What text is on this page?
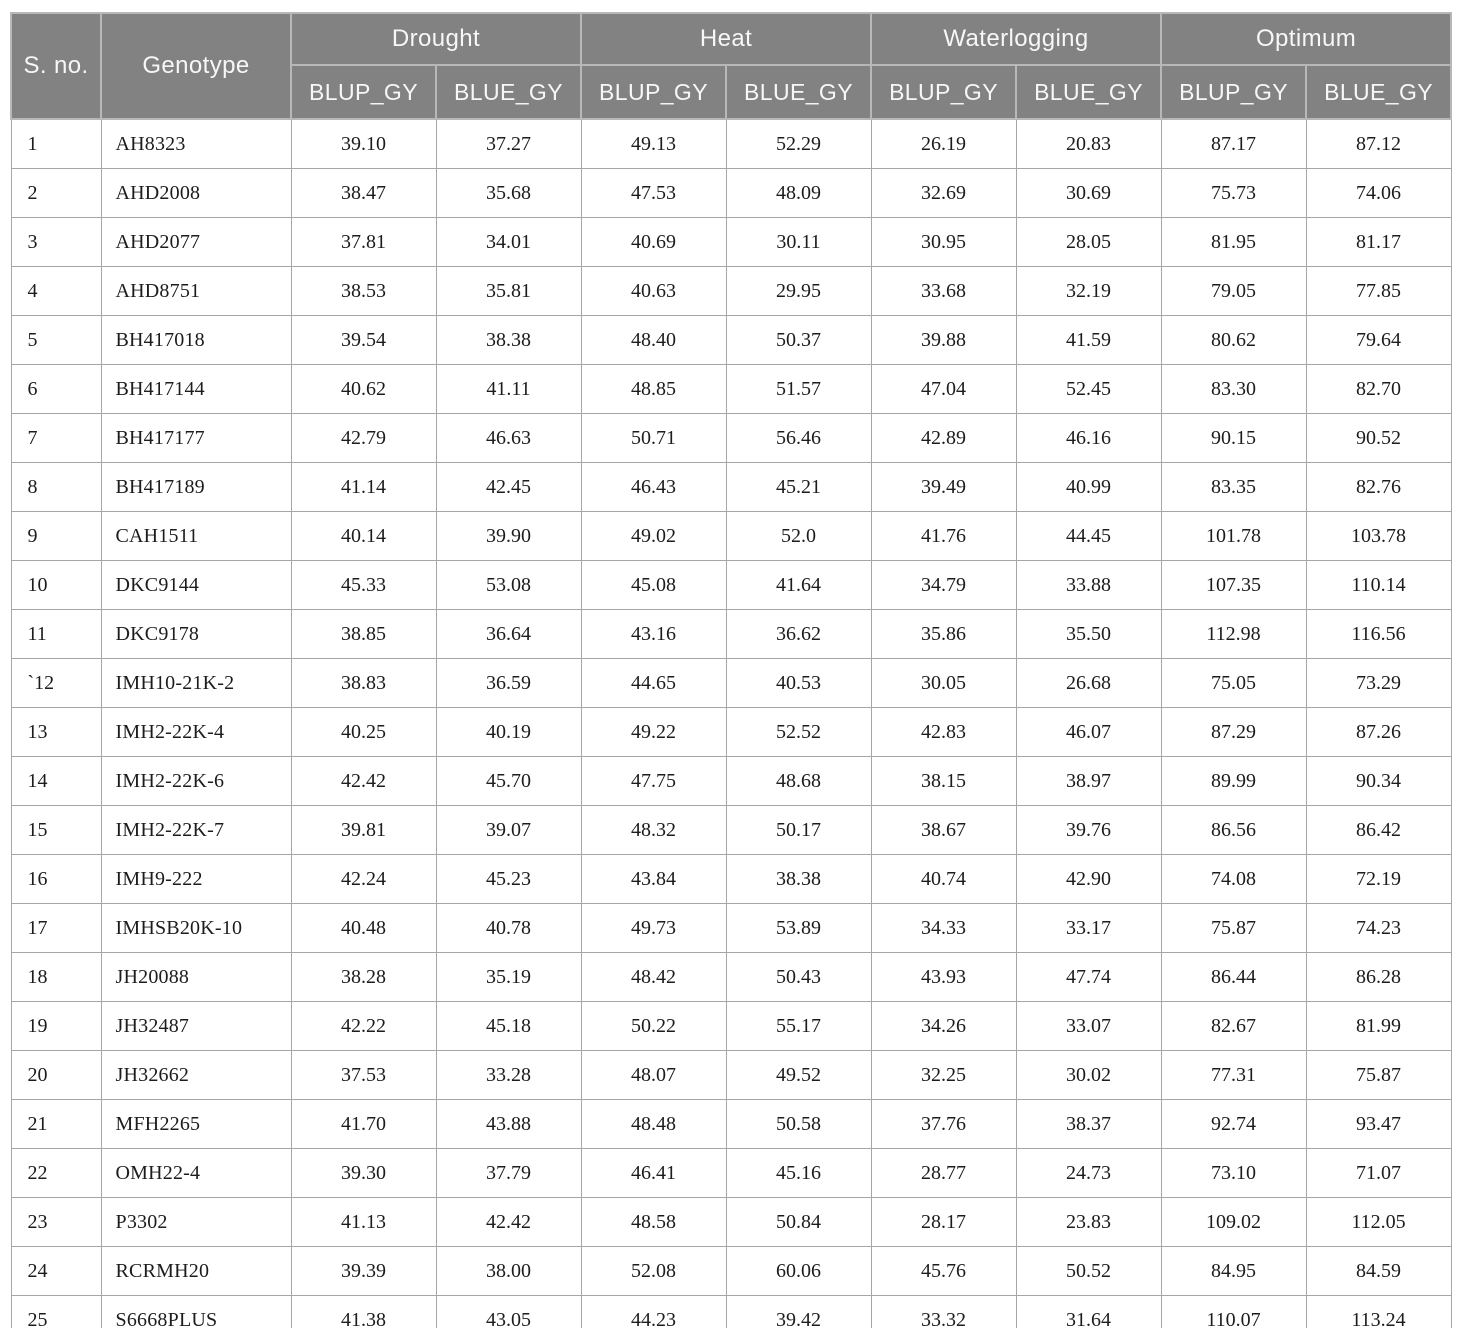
S. no.	Genotype	Drought		Heat		Waterlogging		Optimum	
		BLUP_GY	BLUE_GY	BLUP_GY	BLUE_GY	BLUP_GY	BLUE_GY	BLUP_GY	BLUE_GY
1	AH8323	39.10	37.27	49.13	52.29	26.19	20.83	87.17	87.12
2	AHD2008	38.47	35.68	47.53	48.09	32.69	30.69	75.73	74.06
3	AHD2077	37.81	34.01	40.69	30.11	30.95	28.05	81.95	81.17
4	AHD8751	38.53	35.81	40.63	29.95	33.68	32.19	79.05	77.85
5	BH417018	39.54	38.38	48.40	50.37	39.88	41.59	80.62	79.64
6	BH417144	40.62	41.11	48.85	51.57	47.04	52.45	83.30	82.70
7	BH417177	42.79	46.63	50.71	56.46	42.89	46.16	90.15	90.52
8	BH417189	41.14	42.45	46.43	45.21	39.49	40.99	83.35	82.76
9	CAH1511	40.14	39.90	49.02	52.0	41.76	44.45	101.78	103.78
10	DKC9144	45.33	53.08	45.08	41.64	34.79	33.88	107.35	110.14
11	DKC9178	38.85	36.64	43.16	36.62	35.86	35.50	112.98	116.56
`12	IMH10-21K-2	38.83	36.59	44.65	40.53	30.05	26.68	75.05	73.29
13	IMH2-22K-4	40.25	40.19	49.22	52.52	42.83	46.07	87.29	87.26
14	IMH2-22K-6	42.42	45.70	47.75	48.68	38.15	38.97	89.99	90.34
15	IMH2-22K-7	39.81	39.07	48.32	50.17	38.67	39.76	86.56	86.42
16	IMH9-222	42.24	45.23	43.84	38.38	40.74	42.90	74.08	72.19
17	IMHSB20K-10	40.48	40.78	49.73	53.89	34.33	33.17	75.87	74.23
18	JH20088	38.28	35.19	48.42	50.43	43.93	47.74	86.44	86.28
19	JH32487	42.22	45.18	50.22	55.17	34.26	33.07	82.67	81.99
20	JH32662	37.53	33.28	48.07	49.52	32.25	30.02	77.31	75.87
21	MFH2265	41.70	43.88	48.48	50.58	37.76	38.37	92.74	93.47
22	OMH22-4	39.30	37.79	46.41	45.16	28.77	24.73	73.10	71.07
23	P3302	41.13	42.42	48.58	50.84	28.17	23.83	109.02	112.05
24	RCRMH20	39.39	38.00	52.08	60.06	45.76	50.52	84.95	84.59
25	S6668PLUS	41.38	43.05	44.23	39.42	33.32	31.64	110.07	113.24
